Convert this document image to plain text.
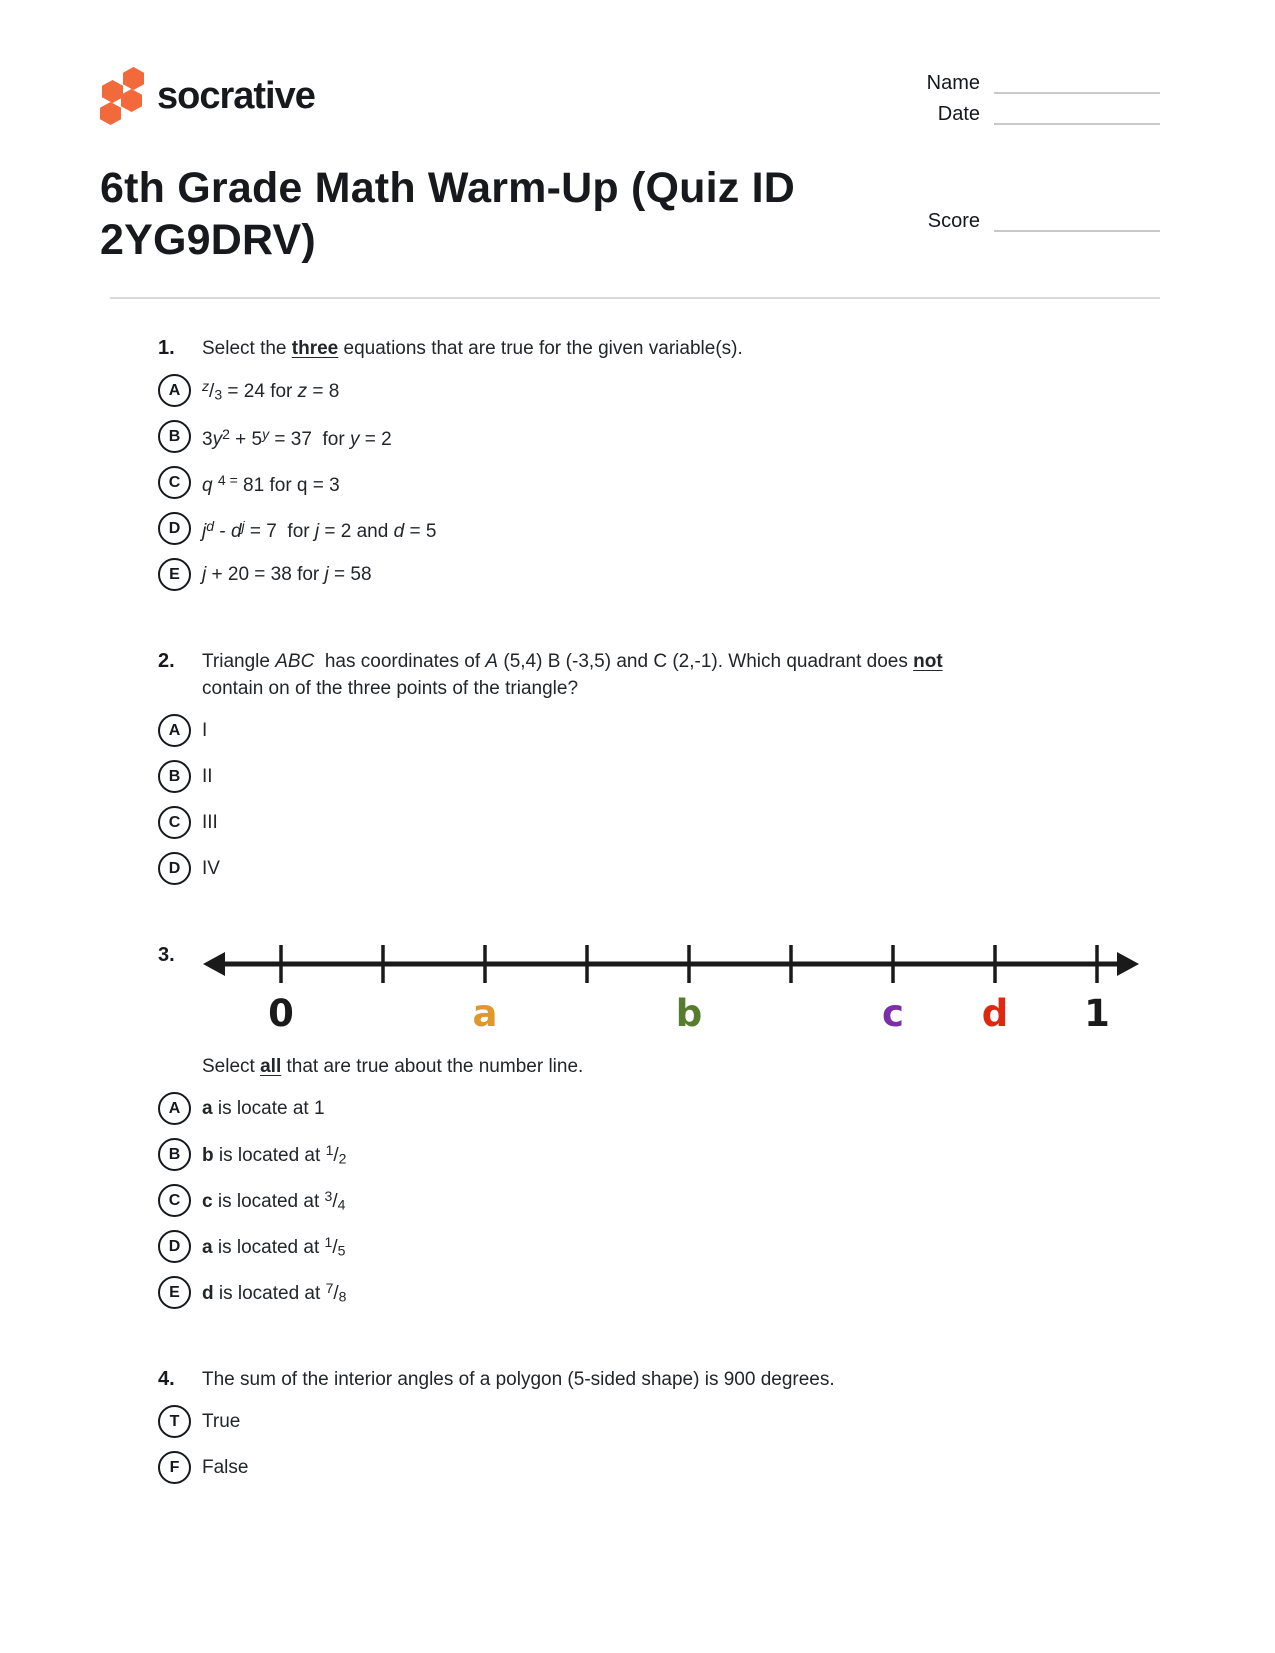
socrative	Name
Date
6th Grade Math Warm-Up (Quiz ID 2YG9DRV)	Score
1.	Select the three equations that are true for the given variable(s).
A $^z$/3 = 24 for z = 8
B $3y^2 + 5^y = 37$  for y = 2
C q $^{4 =}$ 81 for q = 3
D $j^d - d^j = 7$  for j = 2 and d = 5
E j + 20 = 38 for j = 58
2.	Triangle ABC  has coordinates of A (5,4) B (-3,5) and C (2,-1). Which quadrant does not contain on of the three points of the triangle?
A I
B II
C III
D IV
3.
0	a	b	c d 1
Select all that are true about the number line.
A a is locate at 1
B b is located at $^1$/2
C c is located at $^3$/4
D a is located at $^1$/5
E d is located at $^7$/8
4.	The sum of the interior angles of a polygon (5-sided shape) is 900 degrees.
T True
F False
